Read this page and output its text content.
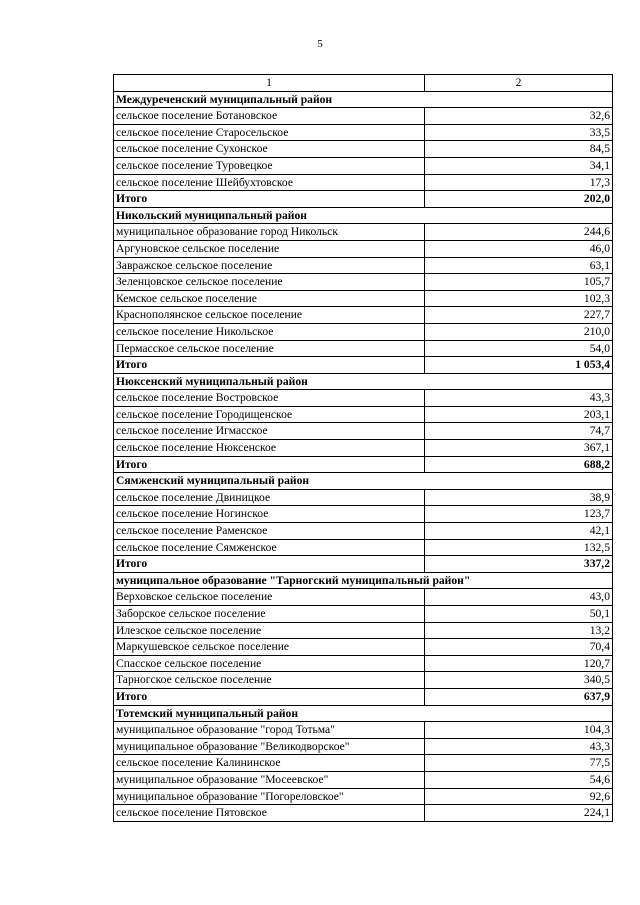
5
1	2
Междуреченский муниципальный район	
сельское поселение Ботановское	32,6
сельское поселение Старосельское	33,5
сельское поселение Сухонское	84,5
сельское поселение Туровецкое	34,1
сельское поселение Шейбухтовское	17,3
Итого	202,0
Никольский муниципальный район	
муниципальное образование город Никольск	244,6
Аргуновское сельское поселение	46,0
Завражское сельское поселение	63,1
Зеленцовское сельское поселение	105,7
Кемское сельское поселение	102,3
Краснополянское сельское поселение	227,7
сельское поселение Никольское	210,0
Пермасское сельское поселение	54,0
Итого	1 053,4
Нюксенский муниципальный район	
сельское поселение Востровское	43,3
сельское поселение Городищенское	203,1
сельское поселение Игмасское	74,7
сельское поселение Нюксенское	367,1
Итого	688,2
Сямженский муниципальный район	
сельское поселение Двиницкое	38,9
сельское поселение Ногинское	123,7
сельское поселение Раменское	42,1
сельское поселение Сямженское	132,5
Итого	337,2
муниципальное образование "Тарногский муниципальный район"	
Верховское сельское поселение	43,0
Заборское сельское поселение	50,1
Илезское сельское поселение	13,2
Маркушевское сельское поселение	70,4
Спасское сельское поселение	120,7
Тарногское сельское поселение	340,5
Итого	637,9
Тотемский муниципальный район	
муниципальное образование "город Тотьма"	104,3
муниципальное образование "Великодворское"	43,3
сельское поселение Калининское	77,5
муниципальное образование "Мосеевское"	54,6
муниципальное образование "Погореловское"	92,6
сельское поселение Пятовское	224,1
